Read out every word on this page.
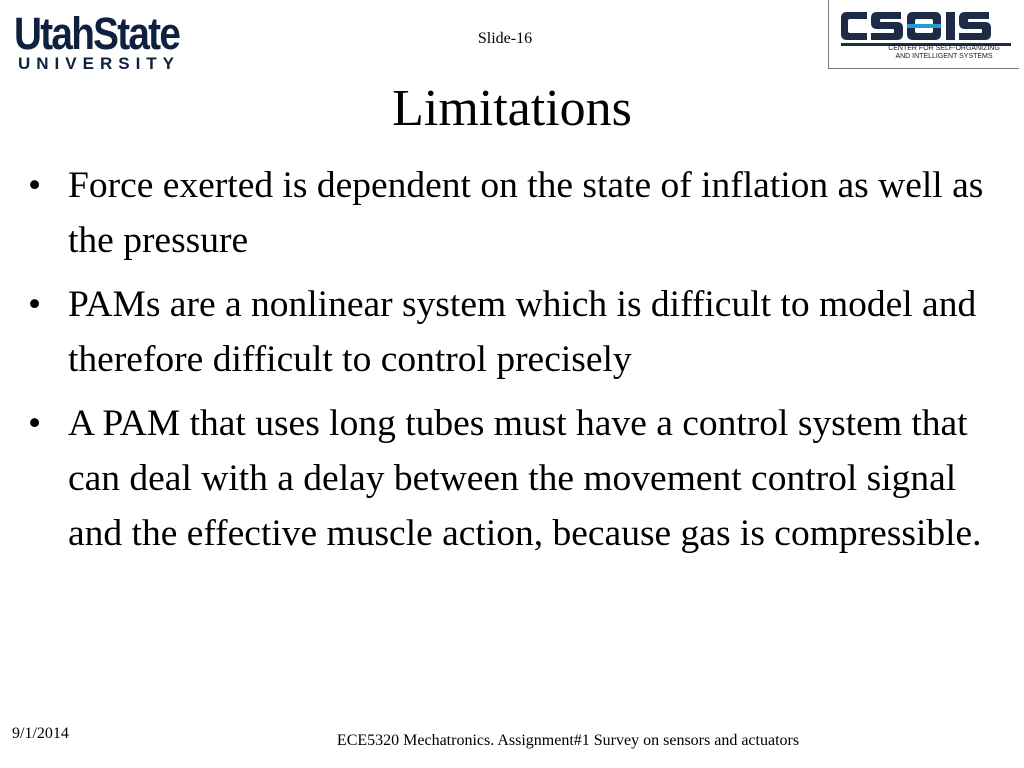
UtahState
UNIVERSITY
Slide-16
CENTER FOR SELF-ORGANIZING
AND INTELLIGENT SYSTEMS
Limitations
• Force exerted is dependent on the state of inflation as well as the pressure
• PAMs are a nonlinear system which is difficult to model and therefore difficult to control precisely
• A PAM that uses long tubes must have a control system that can deal with a delay between the movement control signal and the effective muscle action, because gas is compressible.
9/1/2014	ECE5320 Mechatronics. Assignment#1 Survey on sensors and actuators
